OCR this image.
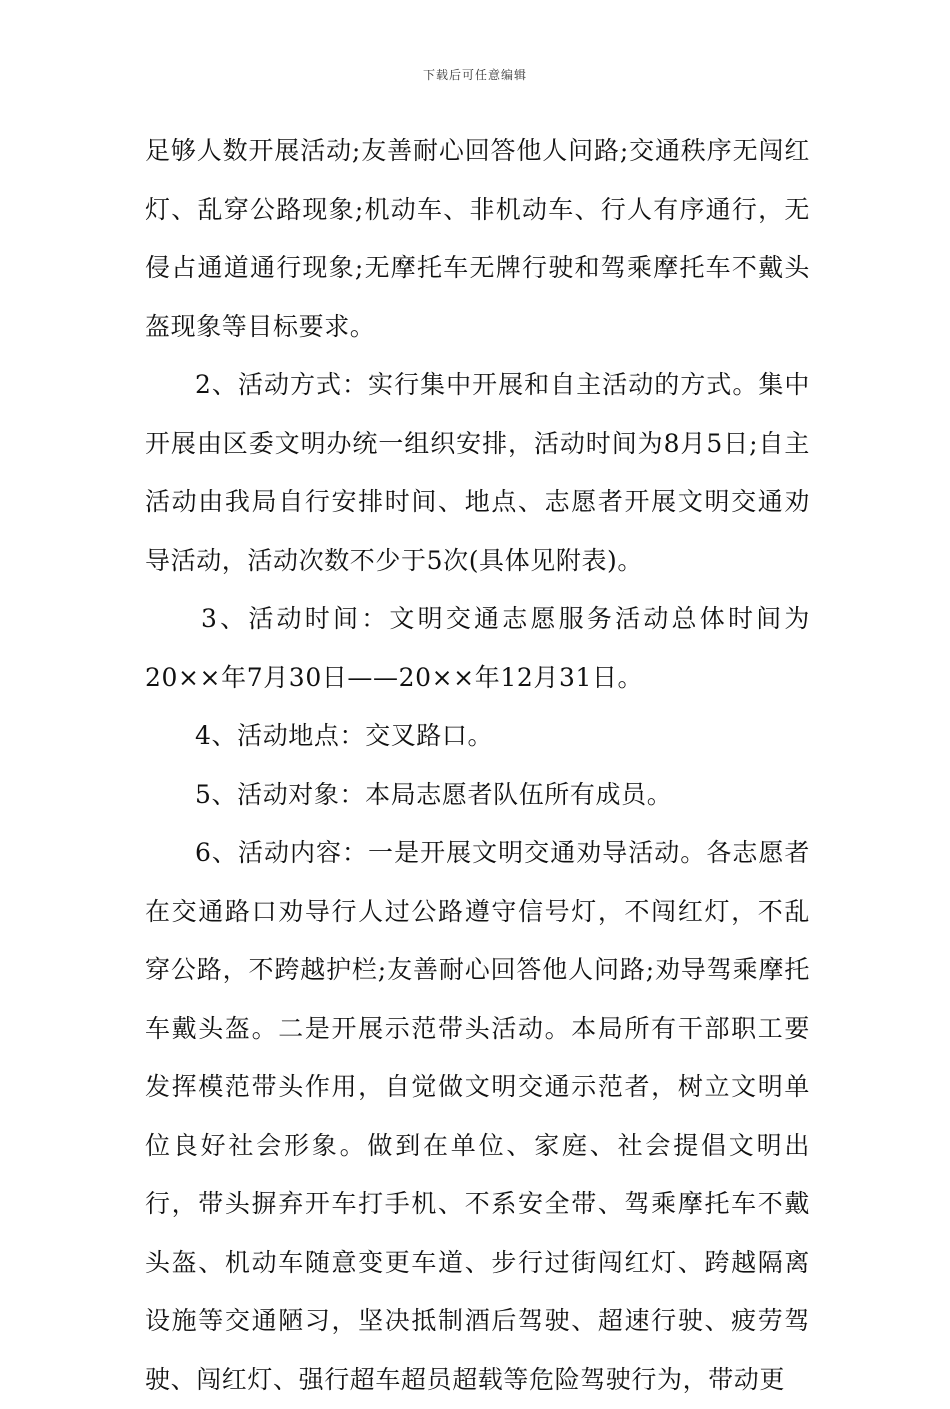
下载后可任意编辑

足够人数开展活动;友善耐心回答他人问路;交通秩序无闯红灯、乱穿公路现象;机动车、非机动车、行人有序通行，无侵占通道通行现象;无摩托车无牌行驶和驾乘摩托车不戴头盔现象等目标要求。

2、活动方式：实行集中开展和自主活动的方式。集中开展由区委文明办统一组织安排，活动时间为8月5日;自主活动由我局自行安排时间、地点、志愿者开展文明交通劝导活动，活动次数不少于5次(具体见附表)。

3、活动时间：文明交通志愿服务活动总体时间为20××年7月30日——20××年12月31日。

4、活动地点：交叉路口。

5、活动对象：本局志愿者队伍所有成员。

6、活动内容：一是开展文明交通劝导活动。各志愿者在交通路口劝导行人过公路遵守信号灯，不闯红灯，不乱穿公路，不跨越护栏;友善耐心回答他人问路;劝导驾乘摩托车戴头盔。二是开展示范带头活动。本局所有干部职工要发挥模范带头作用，自觉做文明交通示范者，树立文明单位良好社会形象。做到在单位、家庭、社会提倡文明出行，带头摒弃开车打手机、不系安全带、驾乘摩托车不戴头盔、机动车随意变更车道、步行过街闯红灯、跨越隔离设施等交通陋习，坚决抵制酒后驾驶、超速行驶、疲劳驾驶、闯红灯、强行超车超员超载等危险驾驶行为，带动更
